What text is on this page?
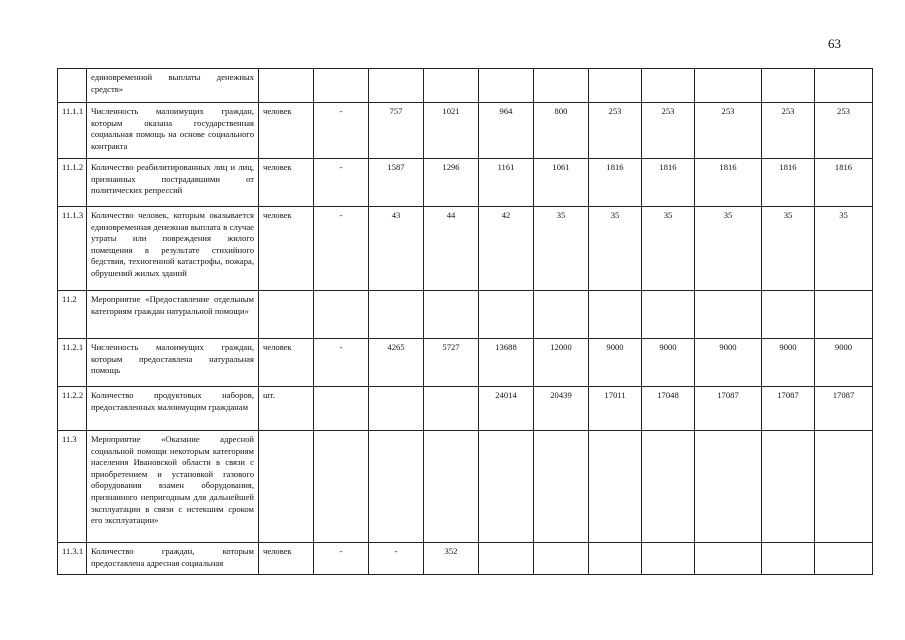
63
	единовременной выплаты денежных средств»											
11.1.1	Численность малоимущих граждан, которым оказана государственная социальная помощь на основе социального контракта	человек	-	757	1021	964	800	253	253	253	253	253
11.1.2	Количество реабилитированных лиц и лиц, признанных пострадавшими от политических репрессий	человек	-	1587	1296	1161	1061	1816	1816	1816	1816	1816
11.1.3	Количество человек, которым оказывается единовременная денежная выплата в случае утраты или повреждения жилого помещения в результате стихийного бедствия, техногенной катастрофы, пожара, обрушений жилых зданий	человек	-	43	44	42	35	35	35	35	35	35
11.2	Мероприятие «Предоставление отдельным категориям граждан натуральной помощи»											
11.2.1	Численность малоимущих граждан, которым предоставлена натуральная помощь	человек	-	4265	5727	13688	12000	9000	9000	9000	9000	9000
11.2.2	Количество продуктовых наборов, предоставленных малоимущим гражданам	шт.				24014	20439	17011	17048	17087	17087	17087
11.3	Мероприятие «Оказание адресной социальной помощи некоторым категориям населения Ивановской области в связи с приобретением и установкой газового оборудования взамен оборудования, признанного непригодным для дальнейшей эксплуатации в связи с истекшим сроком его эксплуатации»											
11.3.1	Количество граждан, которым предоставлена адресная социальная	человек	-	-	352							
